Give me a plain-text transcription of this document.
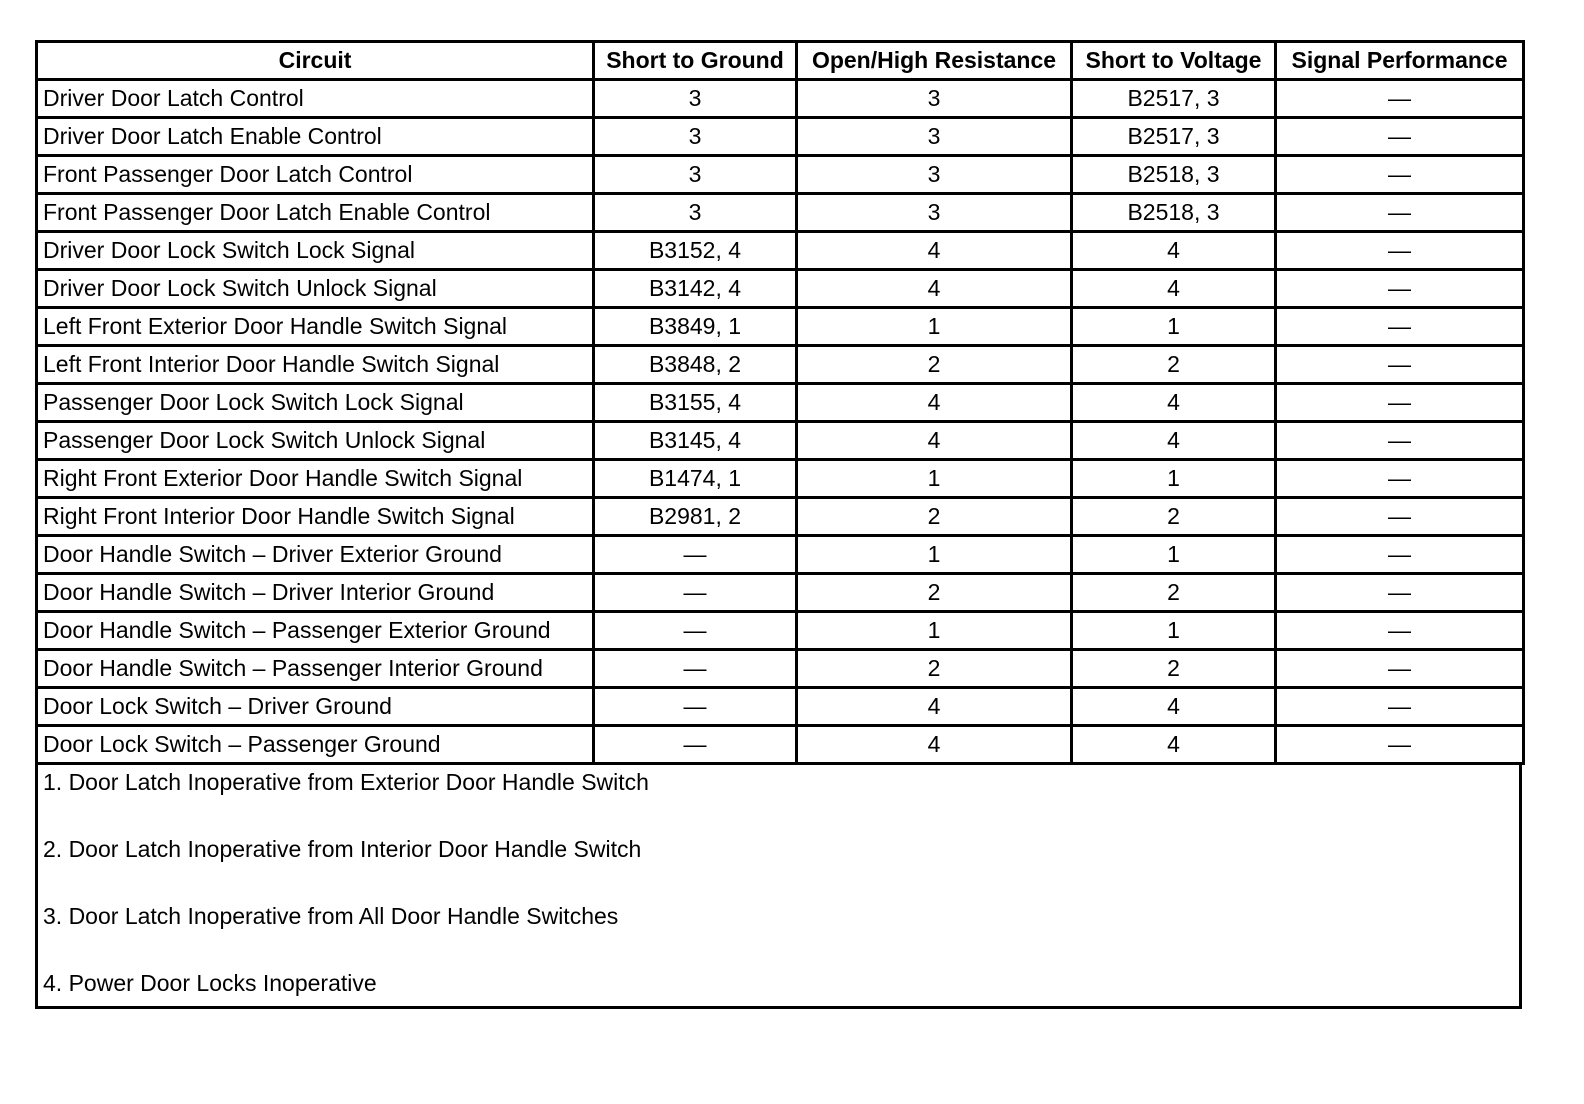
Circuit	Short to Ground	Open/High Resistance	Short to Voltage	Signal Performance
Driver Door Latch Control	3	3	B2517, 3	—
Driver Door Latch Enable Control	3	3	B2517, 3	—
Front Passenger Door Latch Control	3	3	B2518, 3	—
Front Passenger Door Latch Enable Control	3	3	B2518, 3	—
Driver Door Lock Switch Lock Signal	B3152, 4	4	4	—
Driver Door Lock Switch Unlock Signal	B3142, 4	4	4	—
Left Front Exterior Door Handle Switch Signal	B3849, 1	1	1	—
Left Front Interior Door Handle Switch Signal	B3848, 2	2	2	—
Passenger Door Lock Switch Lock Signal	B3155, 4	4	4	—
Passenger Door Lock Switch Unlock Signal	B3145, 4	4	4	—
Right Front Exterior Door Handle Switch Signal	B1474, 1	1	1	—
Right Front Interior Door Handle Switch Signal	B2981, 2	2	2	—
Door Handle Switch – Driver Exterior Ground	—	1	1	—
Door Handle Switch – Driver Interior Ground	—	2	2	—
Door Handle Switch – Passenger Exterior Ground	—	1	1	—
Door Handle Switch – Passenger Interior Ground	—	2	2	—
Door Lock Switch – Driver Ground	—	4	4	—
Door Lock Switch – Passenger Ground	—	4	4	—
1. Door Latch Inoperative from Exterior Door Handle Switch
2. Door Latch Inoperative from Interior Door Handle Switch
3. Door Latch Inoperative from All Door Handle Switches
4. Power Door Locks Inoperative
